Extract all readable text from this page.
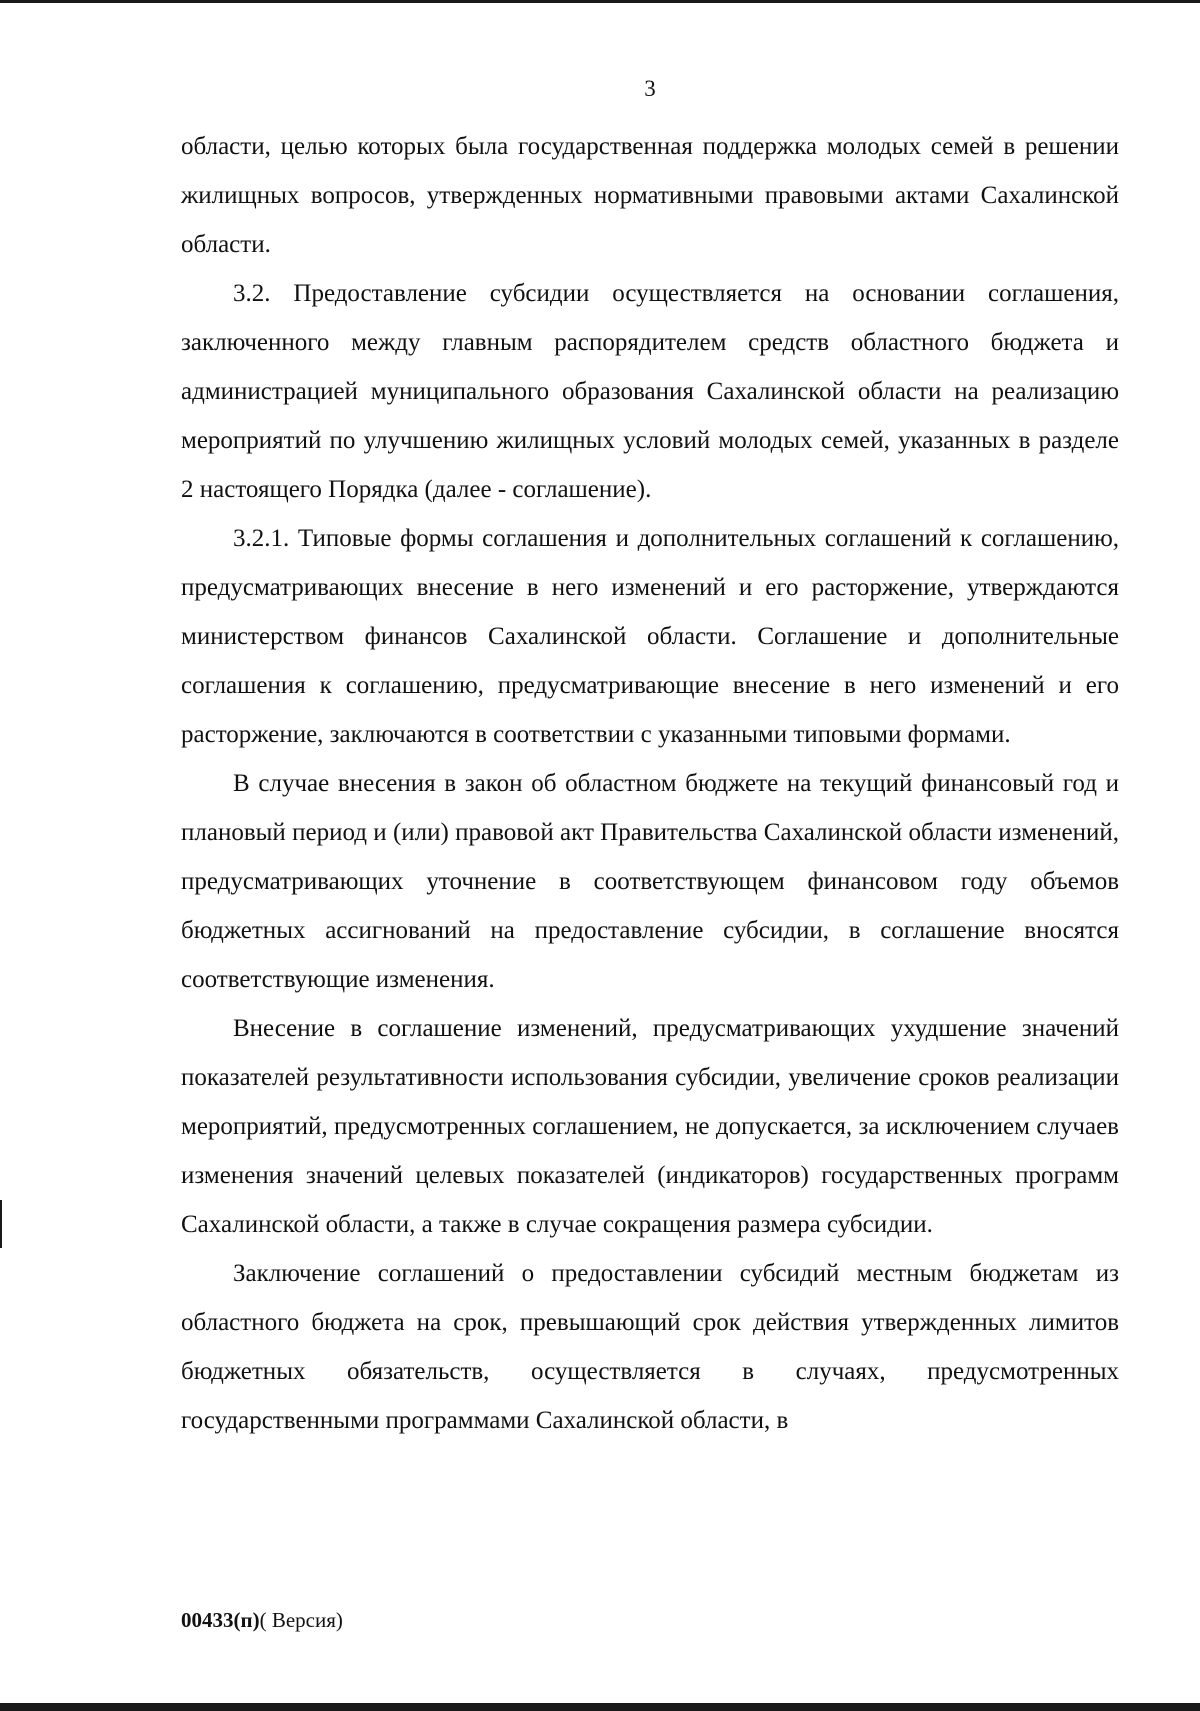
3

области, целью которых была государственная поддержка молодых семей в решении жилищных вопросов, утвержденных нормативными правовыми актами Сахалинской области.

3.2. Предоставление субсидии осуществляется на основании соглашения, заключенного между главным распорядителем средств областного бюджета и администрацией муниципального образования Сахалинской области на реализацию мероприятий по улучшению жилищных условий молодых семей, указанных в разделе 2 настоящего Порядка (далее - соглашение).

3.2.1. Типовые формы соглашения и дополнительных соглашений к соглашению, предусматривающих внесение в него изменений и его расторжение, утверждаются министерством финансов Сахалинской области. Соглашение и дополнительные соглашения к соглашению, предусматривающие внесение в него изменений и его расторжение, заключаются в соответствии с указанными типовыми формами.

В случае внесения в закон об областном бюджете на текущий финансовый год и плановый период и (или) правовой акт Правительства Сахалинской области изменений, предусматривающих уточнение в соответствующем финансовом году объемов бюджетных ассигнований на предоставление субсидии, в соглашение вносятся соответствующие изменения.

Внесение в соглашение изменений, предусматривающих ухудшение значений показателей результативности использования субсидии, увеличение сроков реализации мероприятий, предусмотренных соглашением, не допускается, за исключением случаев изменения значений целевых показателей (индикаторов) государственных программ Сахалинской области, а также в случае сокращения размера субсидии.

Заключение соглашений о предоставлении субсидий местным бюджетам из областного бюджета на срок, превышающий срок действия утвержденных лимитов бюджетных обязательств, осуществляется в случаях, предусмотренных государственными программами Сахалинской области, в

00433(п)( Версия)
